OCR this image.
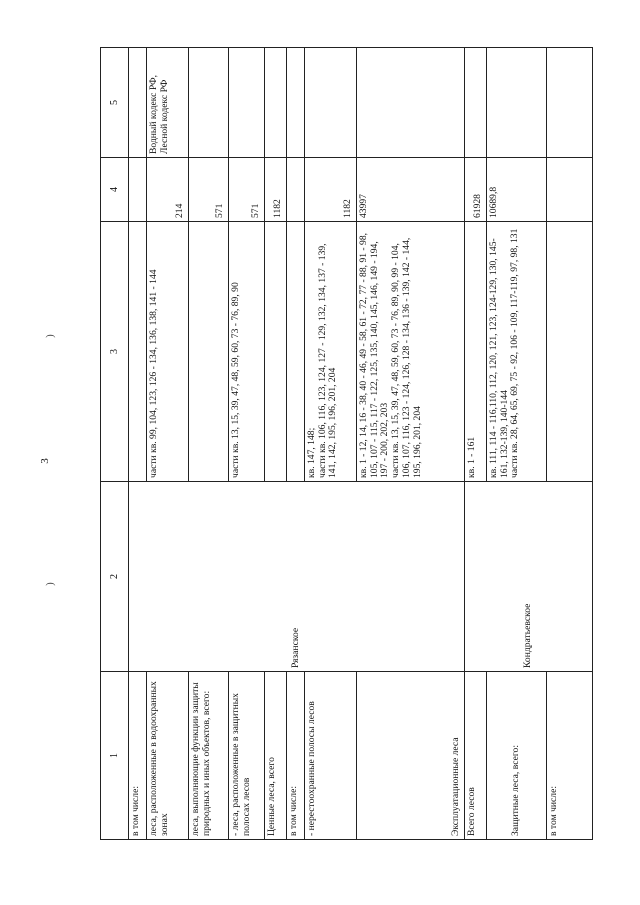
3
)
)
1	2	3	4	5
в том числе:	Рязанское			
леса, расположенные в водоохранных зонах		части кв. 99, 104, 123, 126 - 134, 136, 138, 141 - 144	214	Водный кодекс РФ, Лесной кодекс РФ
леса, выполняющие функции защиты природных и иных объектов, всего:			571	
- леса, расположенные в защитных полосах лесов		части кв. 13, 15, 39, 47, 48, 59, 60, 73 - 76, 89, 90	571	
Ценные леса, всего			1182	
в том числе:				
- нерестоохранные полосы лесов		кв. 147, 148;
части кв. 106, 116, 123, 124, 127 - 129, 132, 134, 137 - 139, 141, 142, 195, 196, 201, 204	1182	
Эксплуатационные леса		кв. 1 - 12, 14, 16 - 38, 40 - 46, 49 - 58, 61 - 72, 77 - 88, 91 - 98, 105, 107 - 115, 117 - 122, 125, 135, 140, 145, 146, 149 - 194, 197 - 200, 202, 203
части кв. 13, 15, 39, 47, 48, 59, 60, 73 - 76, 89, 90, 99 - 104, 106, 107, 116, 123 - 124, 126, 128 - 134, 136 - 139, 142 - 144, 195, 196, 201, 204	43997	
Всего лесов	Кондратьевское	кв. 1 - 161	61928	
Защитные леса, всего:		кв. 111, 114 - 116,110, 112, 120, 121, 123, 124-129, 130, 145-161, 132-139, 140-144
части кв. 28, 64, 65, 69, 75 - 92, 106 - 109, 117-119, 97, 98, 131	10689,8	
в том числе:				
